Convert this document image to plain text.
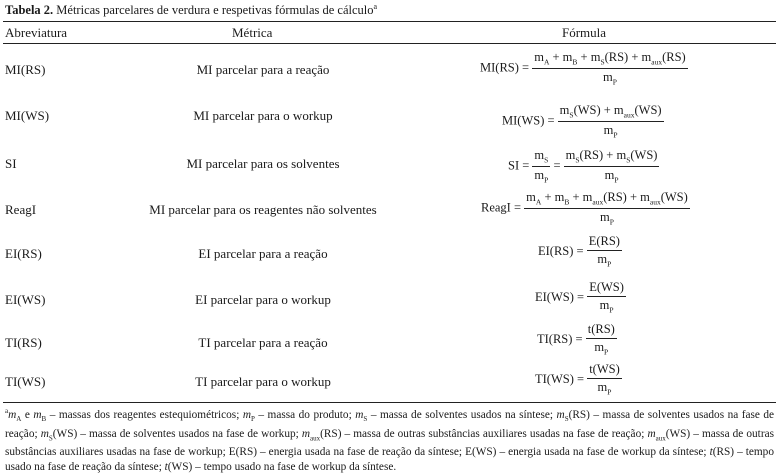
Tabela 2. Métricas parcelares de verdura e respetivas fórmulas de cálculo$^a$
Abreviatura	Métrica	Fórmula
MI(RS)	MI parcelar para a reação	$MI(RS) = \frac{m_A + m_B + m_S(RS) + m_{aux}(RS)}{m_P}$
MI(WS)	MI parcelar para o workup	$MI(WS) = \frac{m_S(WS) + m_{aux}(WS)}{m_P}$
SI	MI parcelar para os solventes	SI = $\frac{m_S}{m_P} = \frac{m_S(RS) + m_S(WS)}{m_P}$
ReagI	MI parcelar para os reagentes não solventes	ReagI = $\frac{m_A + m_B + m_{aux}(RS) + m_{aux}(WS)}{m_P}$
EI(RS)	EI parcelar para a reação	$EI(RS) = \frac{E(RS)}{m_P}$
EI(WS)	EI parcelar para o workup	$EI(WS) = \frac{E(WS)}{m_P}$
TI(RS)	TI parcelar para a reação	$TI(RS) = \frac{t(RS)}{m_P}$
TI(WS)	TI parcelar para o workup	$TI(WS) = \frac{t(WS)}{m_P}$
$^am_A$ e $m_B$ – massas dos reagentes estequiométricos; $m_P$ – massa do produto; $m_S$ – massa de solventes usados na síntese; $m_S(RS)$ – massa de solventes usados na fase de reação; $m_S(WS)$ – massa de solventes usados na fase de workup; $m_{aux}(RS)$ – massa de outras substâncias auxiliares usadas na fase de reação; $m_{aux}(WS)$ – massa de outras substâncias auxiliares usadas na fase de workup; E(RS) – energia usada na fase de reação da síntese; E(WS) – energia usada na fase de workup da síntese; t(RS) – tempo usado na fase de reação da síntese; t(WS) – tempo usado na fase de workup da síntese.
